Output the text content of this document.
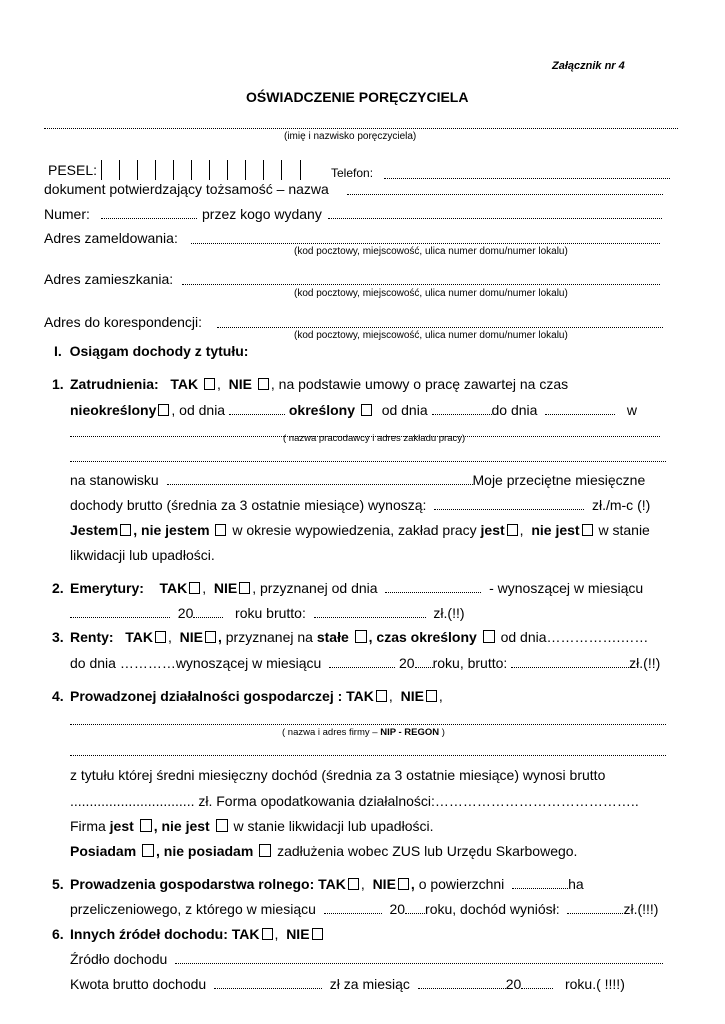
Załącznik nr 4
OŚWIADCZENIE PORĘCZYCIELA
(imię i nazwisko poręczyciela)
PESEL:	Telefon:
dokument potwierdzający tożsamość – nazwa
Numer:	przez kogo wydany
Adres zameldowania:
(kod pocztowy, miejscowość, ulica numer domu/numer lokalu)
Adres zamieszkania:
(kod pocztowy, miejscowość, ulica numer domu/numer lokalu)
Adres do korespondencji:
(kod pocztowy, miejscowość, ulica numer domu/numer lokalu)
I. Osiągam dochody z tytułu:
1. Zatrudnienia: TAK ,  NIE , na podstawie umowy o pracę zawartej na czas
nieokreślony , od dnia	określony od dnia	do dnia	w
( nazwa pracodawcy i adres zakładu pracy)
na stanowisku	Moje przeciętne miesięczne
dochody brutto (średnia za 3 ostatnie miesiące) wynoszą:	zł./m-c (!)
Jestem , nie jestem w okresie wypowiedzenia, zakład pracy jest ,  nie jest w stanie
likwidacji lub upadłości.
2. Emerytury: TAK ,  NIE , przyznanej od dnia	- wynoszącej w miesiącu
20	roku brutto:	zł.(!!)
3. Renty: TAK ,  NIE , przyznanej na stałe , czas określony od dnia…………….……
do dnia …………wynoszącej w miesiącu	20 roku, brutto:	zł.(!!)
4. Prowadzonej działalności gospodarczej : TAK ,  NIE ,
( nazwa i adres firmy – NIP - REGON )
z tytułu której średni miesięczny dochód (średnia za 3 ostatnie miesiące) wynosi brutto
................................ zł. Forma opodatkowania działalności:……………………………………..
Firma jest , nie jest w stanie likwidacji lub upadłości.
Posiadam , nie posiadam zadłużenia wobec ZUS lub Urzędu Skarbowego.
5. Prowadzenia gospodarstwa rolnego: TAK ,  NIE , o powierzchni	ha
przeliczeniowego, z którego w miesiącu	20 roku, dochód wyniósł:	zł.(!!!)
6. Innych źródeł dochodu: TAK ,  NIE
Źródło dochodu
Kwota brutto dochodu	zł za miesiąc	20	roku.( !!!!)
